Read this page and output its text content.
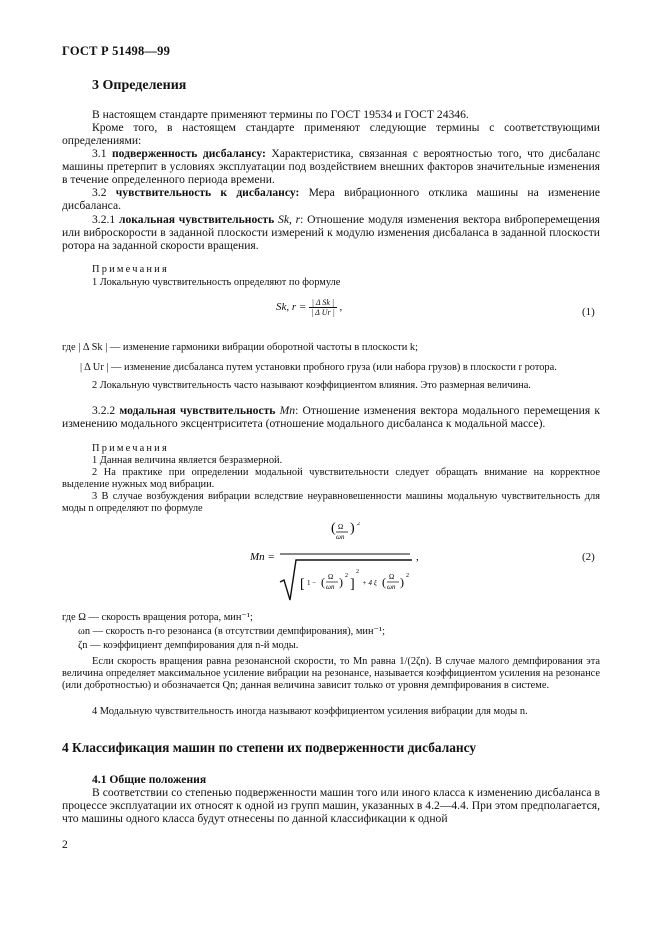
ГОСТ Р 51498—99
3 Определения
В настоящем стандарте применяют термины по ГОСТ 19534 и ГОСТ 24346.
Кроме того, в настоящем стандарте применяют следующие термины с соответствующими определениями:
3.1 подверженность дисбалансу: Характеристика, связанная с вероятностью того, что дисбаланс машины претерпит в условиях эксплуатации под воздействием внешних факторов значительные изменения в течение определенного периода времени.
3.2 чувствительность к дисбалансу: Мера вибрационного отклика машины на изменение дисбаланса.
3.2.1 локальная чувствительность Sk, r: Отношение модуля изменения вектора виброперемещения или виброскорости в заданной плоскости измерений к модулю изменения дисбаланса в заданной плоскости ротора на заданной скорости вращения.
Примечания
1 Локальную чувствительность определяют по формуле
Sk, $r = \frac{\text{| Δ Sk |}}{\text{| Δ Ur |}}$ ,	(1)
где | Δ Sk | — изменение гармоники вибрации оборотной частоты в плоскости k;
| Δ Ur | — изменение дисбаланса путем установки пробного груза (или набора грузов) в плоскости r ротора.
2 Локальную чувствительность часто называют коэффициентом влияния. Это размерная величина.
3.2.2 модальная чувствительность Mn: Отношение изменения вектора модального перемещения к изменению модального эксцентриситета (отношение модального дисбаланса к модальной массе).
Примечания
1 Данная величина является безразмерной.
2 На практике при определении модальной чувствительности следует обращать внимание на корректное выделение нужных мод вибрации.
3 В случае возбуждения вибрации вследствие неуравновешенности машины модальную чувствительность для моды n определяют по формуле
Mn =
( Ω
ωn
) 2
[ 1 − ( Ω
ωn ) 2
]
2
+ 4 ξ ( Ω
ωn ) 2
,	(2)
где Ω — скорость вращения ротора, мин⁻¹;
ωn — скорость n-го резонанса (в отсутствии демпфирования), мин⁻¹;
ζn — коэффициент демпфирования для n-й моды.
Если скорость вращения равна резонансной скорости, то Mn равна 1/(2ζn). В случае малого демпфирования эта величина определяет максимальное усиление вибрации на резонансе, называется коэффициентом усиления на резонансе (или добротностью) и обозначается Qn; данная величина зависит только от уровня демпфирования в системе.
4 Модальную чувствительность иногда называют коэффициентом усиления вибрации для моды n.
4 Классификация машин по степени их подверженности дисбалансу
4.1 Общие положения
В соответствии со степенью подверженности машин того или иного класса к изменению дисбаланса в процессе эксплуатации их относят к одной из групп машин, указанных в 4.2—4.4. При этом предполагается, что машины одного класса будут отнесены по данной классификации к одной
2
